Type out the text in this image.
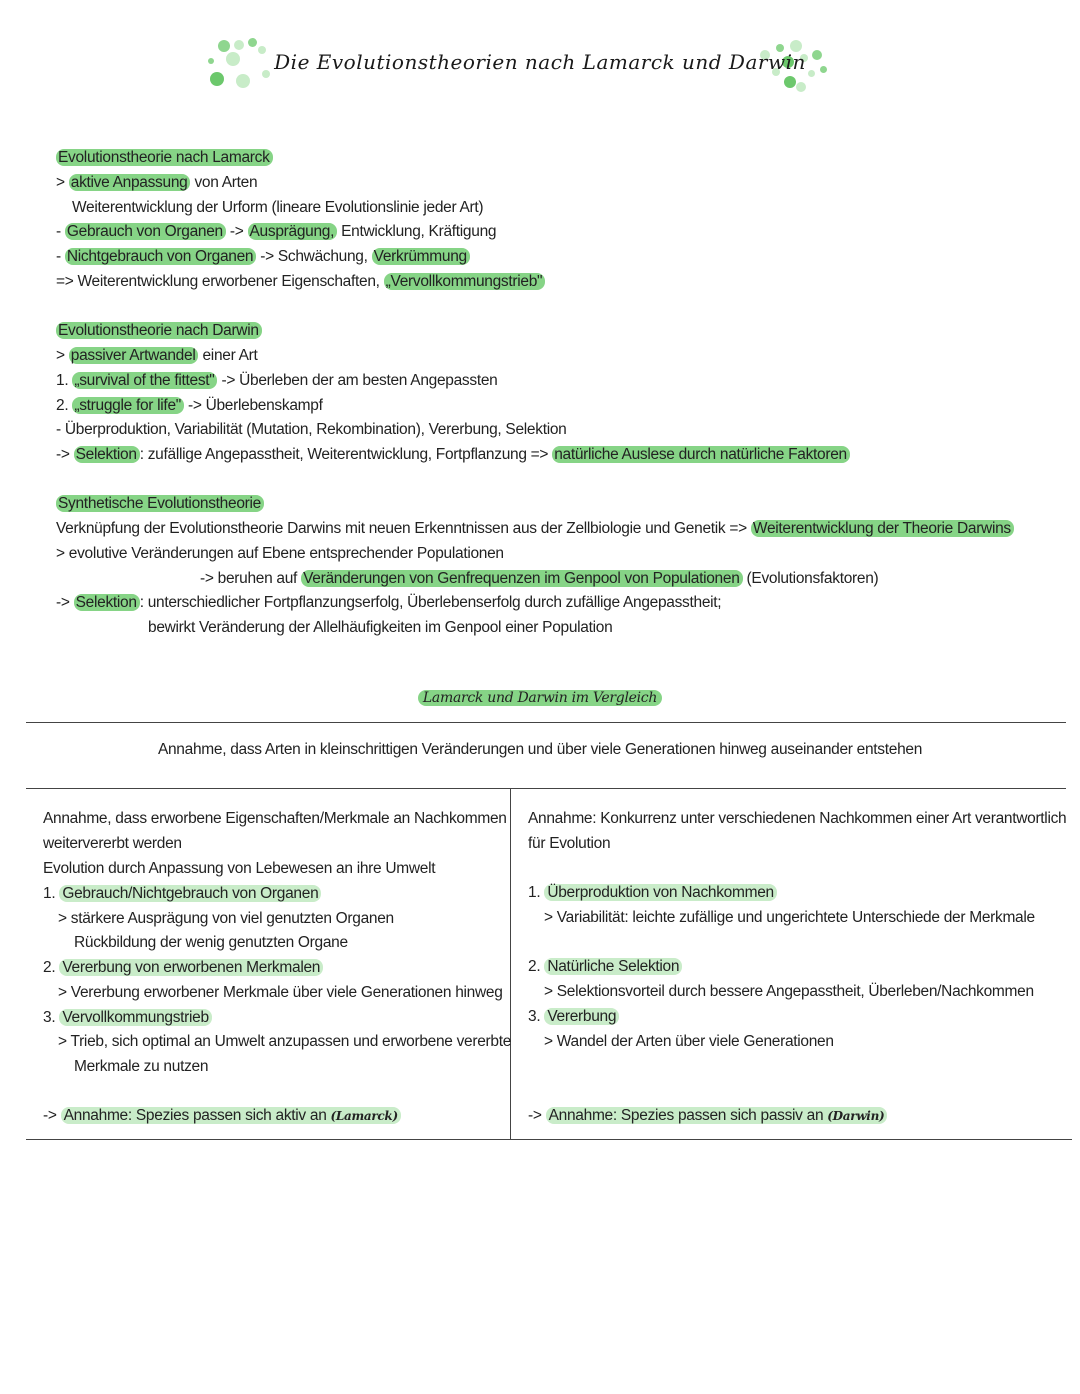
Die Evolutionstheorien nach Lamarck und Darwin
Evolutionstheorie nach Lamarck
> aktive Anpassung von Arten
Weiterentwicklung der Urform (lineare Evolutionslinie jeder Art)
- Gebrauch von Organen -> Ausprägung, Entwicklung, Kräftigung
- Nichtgebrauch von Organen -> Schwächung, Verkrümmung
=> Weiterentwicklung erworbener Eigenschaften, „Vervollkommungstrieb"
Evolutionstheorie nach Darwin
> passiver Artwandel einer Art
1. „survival of the fittest" -> Überleben der am besten Angepassten
2. „struggle for life" -> Überlebenskampf
- Überproduktion, Variabilität (Mutation, Rekombination), Vererbung, Selektion
-> Selektion : zufällige Angepasstheit, Weiterentwicklung, Fortpflanzung => natürliche Auslese durch natürliche Faktoren
Synthetische Evolutionstheorie
Verknüpfung der Evolutionstheorie Darwins mit neuen Erkenntnissen aus der Zellbiologie und Genetik => Weiterentwicklung der Theorie Darwins
> evolutive Veränderungen auf Ebene entsprechender Populationen
-> beruhen auf Veränderungen von Genfrequenzen im Genpool von Populationen (Evolutionsfaktoren)
-> Selektion : unterschiedlicher Fortpflanzungserfolg, Überlebenserfolg durch zufällige Angepasstheit;
bewirkt Veränderung der Allelhäufigkeiten im Genpool einer Population
Lamarck und Darwin im Vergleich
Annahme, dass Arten in kleinschrittigen Veränderungen und über viele Generationen hinweg auseinander entstehen
Annahme, dass erworbene Eigenschaften/Merkmale an Nachkommen
weitervererbt werden
Evolution durch Anpassung von Lebewesen an ihre Umwelt
1. Gebrauch/Nichtgebrauch von Organen
> stärkere Ausprägung von viel genutzten Organen
Rückbildung der wenig genutzten Organe
2. Vererbung von erworbenen Merkmalen
> Vererbung erworbener Merkmale über viele Generationen hinweg
3. Vervollkommungstrieb
> Trieb, sich optimal an Umwelt anzupassen und erworbene vererbte
Merkmale zu nutzen
-> Annahme: Spezies passen sich aktiv an (Lamarck)
Annahme: Konkurrenz unter verschiedenen Nachkommen einer Art verantwortlich
für Evolution
1. Überproduktion von Nachkommen
> Variabilität: leichte zufällige und ungerichtete Unterschiede der Merkmale
2. Natürliche Selektion
> Selektionsvorteil durch bessere Angepasstheit, Überleben/Nachkommen
3. Vererbung
> Wandel der Arten über viele Generationen
-> Annahme: Spezies passen sich passiv an (Darwin)
